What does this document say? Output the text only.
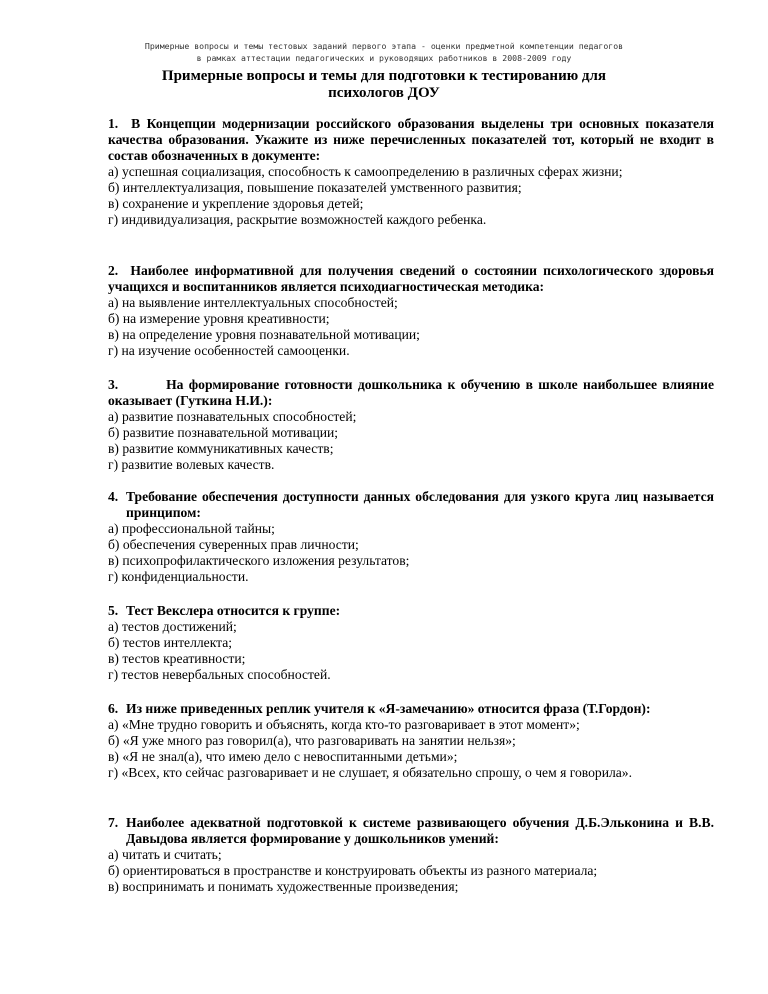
Примерные вопросы и темы тестовых заданий первого этапа - оценки предметной компетенции педагогов
в рамках аттестации педагогических и руководящих работников в 2008-2009 году
Примерные вопросы и темы для подготовки к тестированию для
психологов ДОУ
1. В Концепции модернизации российского образования выделены три основных показателя качества образования. Укажите из ниже перечисленных показателей тот, который не входит в состав обозначенных в документе:
а) успешная социализация, способность к самоопределению в различных сферах жизни;
б) интеллектуализация, повышение показателей умственного развития;
в) сохранение и укрепление здоровья детей;
г) индивидуализация, раскрытие возможностей каждого ребенка.
2. Наиболее информативной для получения сведений о состоянии психологического здоровья учащихся и воспитанников является психодиагностическая методика:
а) на выявление интеллектуальных способностей;
б) на измерение уровня креативности;
в) на определение уровня познавательной мотивации;
г) на изучение особенностей самооценки.
3.	На формирование готовности дошкольника к обучению в школе наибольшее влияние оказывает (Гуткина Н.И.):
а) развитие познавательных способностей;
б) развитие познавательной мотивации;
в) развитие коммуникативных качеств;
г) развитие волевых качеств.
4. Требование обеспечения доступности данных обследования для узкого круга лиц называется принципом:
а) профессиональной тайны;
б) обеспечения суверенных прав личности;
в) психопрофилактического изложения результатов;
г) конфиденциальности.
5. Тест Векслера относится к группе:
а) тестов достижений;
б) тестов интеллекта;
в) тестов креативности;
г) тестов невербальных способностей.
6. Из ниже приведенных реплик учителя к «Я-замечанию» относится фраза (Т.Гордон):
а) «Мне трудно говорить и объяснять, когда кто-то разговаривает в этот момент»;
б) «Я уже много раз говорил(а), что разговаривать на занятии нельзя»;
в) «Я не знал(а), что имею дело с невоспитанными детьми»;
г) «Всех, кто сейчас разговаривает и не слушает, я обязательно спрошу, о чем я говорила».
7. Наиболее адекватной подготовкой к системе развивающего обучения Д.Б.Эльконина и В.В. Давыдова является формирование у дошкольников умений:
а) читать и считать;
б) ориентироваться в пространстве и конструировать объекты из разного материала;
в) воспринимать и понимать художественные произведения;
